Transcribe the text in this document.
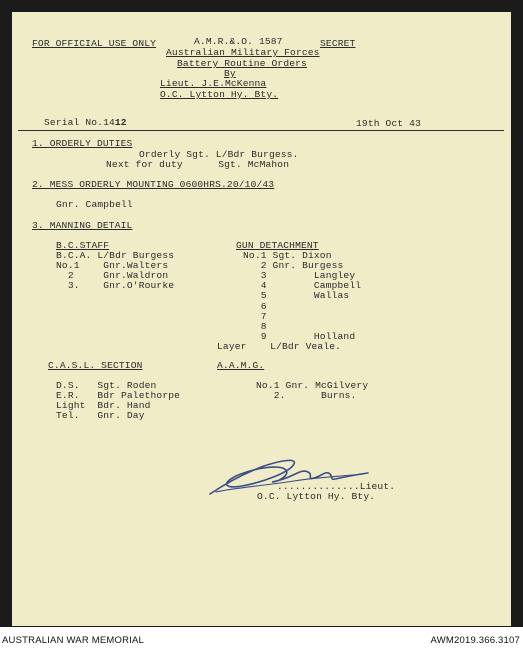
FOR OFFICIAL USE ONLY	A.M.R.&.O. 1587	SECRET
Australian Military Forces
Battery Routine Orders
By
Lieut. J.E.McKenna
O.C. Lytton Hy. Bty.
Serial No.1412	19th Oct 43
1. ORDERLY DUTIES
Orderly Sgt. L/Bdr Burgess.
Next for duty      Sgt. McMahon
2. MESS ORDERLY MOUNTING 0600HRS.20/10/43
Gnr. Campbell
3. MANNING DETAIL
B.C.STAFF
B.C.A. L/Bdr Burgess
No.1    Gnr.Walters
2     Gnr.Waldron
3.    Gnr.O'Rourke
GUN DETACHMENT
No.1 Sgt. Dixon
2 Gnr. Burgess
3        Langley
4        Campbell
5        Wallas
6
7
8
9        Holland
Layer    L/Bdr Veale.
C.A.S.L. SECTION
D.S.   Sgt. Roden
E.R.   Bdr Palethorpe
Light  Bdr. Hand
Tel.   Gnr. Day
A.A.M.G.
No.1 Gnr. McGilvery
2.      Burns.
..............Lieut.
O.C. Lytton Hy. Bty.
AUSTRALIAN WAR MEMORIAL	AWM2019.366.3107
